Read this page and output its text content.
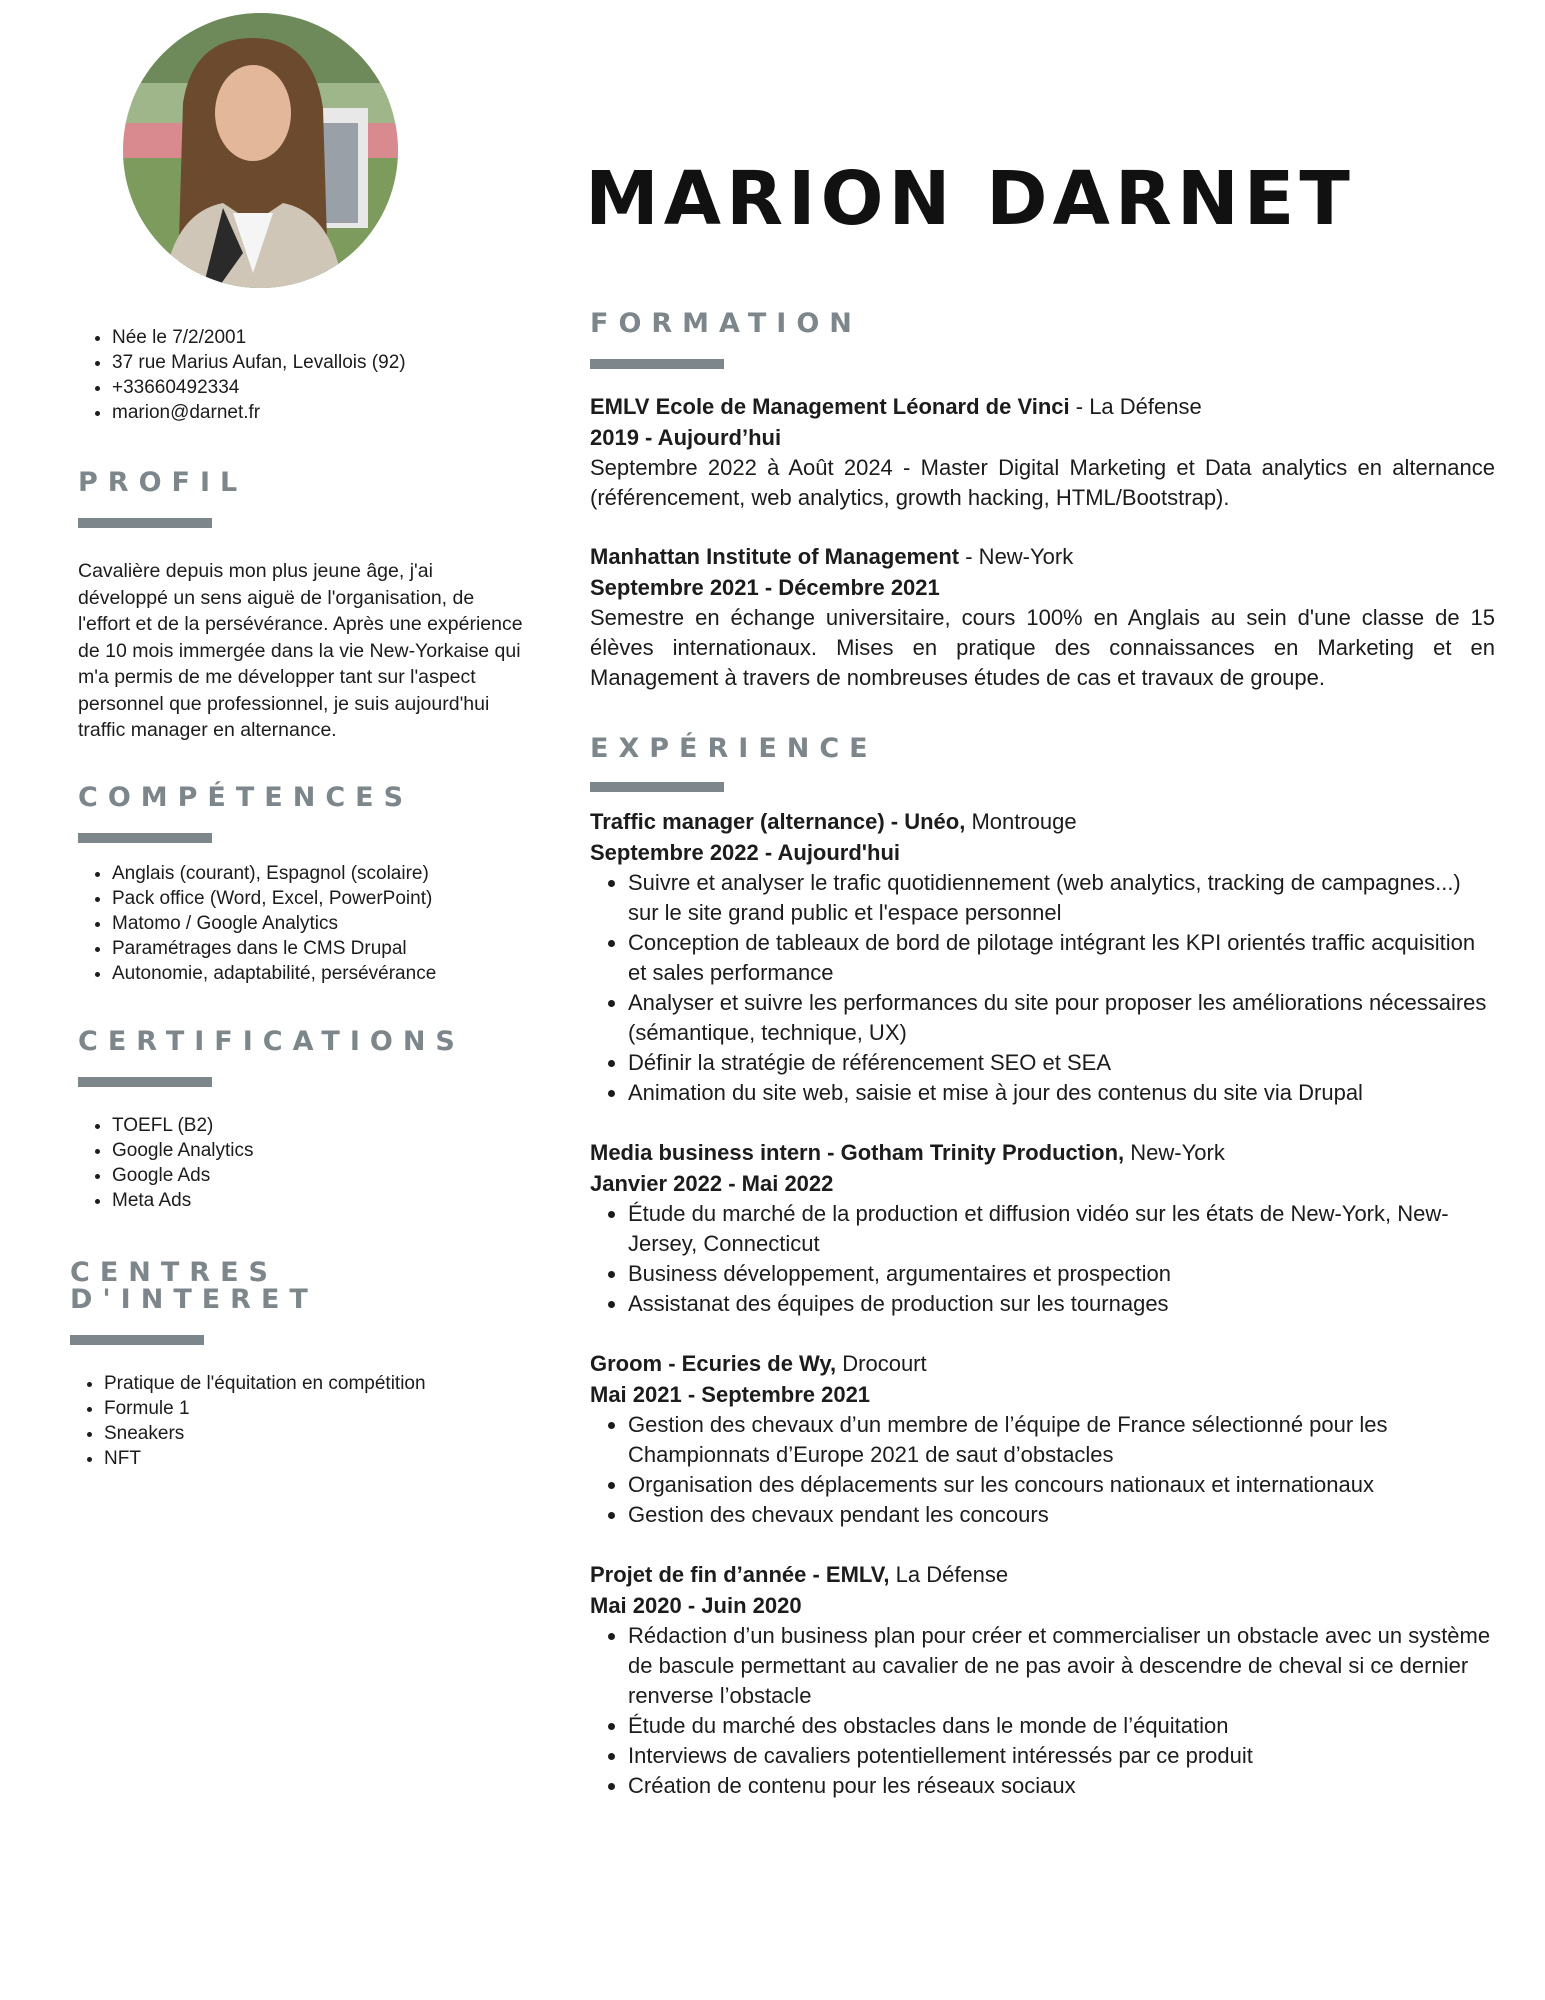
MARION DARNET
• Née le 7/2/2001
• 37 rue Marius Aufan, Levallois (92)
• +33660492334
• marion@darnet.fr
PROFIL

Cavalière depuis mon plus jeune âge, j'ai développé un sens aiguë de l'organisation, de l'effort et de la persévérance. Après une expérience de 10 mois immergée dans la vie New-Yorkaise qui m'a permis de me développer tant sur l'aspect personnel que professionnel, je suis aujourd'hui traffic manager en alternance.

COMPÉTENCES
• Anglais (courant), Espagnol (scolaire)
• Pack office (Word, Excel, PowerPoint)
• Matomo / Google Analytics
• Paramétrages dans le CMS Drupal
• Autonomie, adaptabilité, persévérance
CERTIFICATIONS
• TOEFL (B2)
• Google Analytics
• Google Ads
• Meta Ads
CENTRES D'INTERET
• Pratique de l'équitation en compétition
• Formule 1
• Sneakers
• NFT
FORMATION
EMLV Ecole de Management Léonard de Vinci - La Défense
2019 - Aujourd’hui

Septembre 2022 à Août 2024 - Master Digital Marketing et Data analytics en alternance (référencement, web analytics, growth hacking, HTML/Bootstrap).

Manhattan Institute of Management - New-York
Septembre 2021 - Décembre 2021

Semestre en échange universitaire, cours 100% en Anglais au sein d'une classe de 15 élèves internationaux. Mises en pratique des connaissances en Marketing et en Management à travers de nombreuses études de cas et travaux de groupe.

EXPÉRIENCE
Traffic manager (alternance) - Unéo, Montrouge
Septembre 2022 - Aujourd'hui
• Suivre et analyser le trafic quotidiennement (web analytics, tracking de campagnes...) sur le site grand public et l'espace personnel
• Conception de tableaux de bord de pilotage intégrant les KPI orientés traffic acquisition et sales performance
• Analyser et suivre les performances du site pour proposer les améliorations nécessaires (sémantique, technique, UX)
• Définir la stratégie de référencement SEO et SEA
• Animation du site web, saisie et mise à jour des contenus du site via Drupal
Media business intern - Gotham Trinity Production, New-York
Janvier 2022 - Mai 2022
• Étude du marché de la production et diffusion vidéo sur les états de New-York, New-Jersey, Connecticut
• Business développement, argumentaires et prospection
• Assistanat des équipes de production sur les tournages
Groom - Ecuries de Wy, Drocourt
Mai 2021 - Septembre 2021
• Gestion des chevaux d’un membre de l’équipe de France sélectionné pour les Championnats d’Europe 2021 de saut d’obstacles
• Organisation des déplacements sur les concours nationaux et internationaux
• Gestion des chevaux pendant les concours
Projet de fin d’année - EMLV, La Défense
Mai 2020 - Juin 2020
• Rédaction d’un business plan pour créer et commercialiser un obstacle avec un système de bascule permettant au cavalier de ne pas avoir à descendre de cheval si ce dernier renverse l’obstacle
• Étude du marché des obstacles dans le monde de l’équitation
• Interviews de cavaliers potentiellement intéressés par ce produit
• Création de contenu pour les réseaux sociaux
